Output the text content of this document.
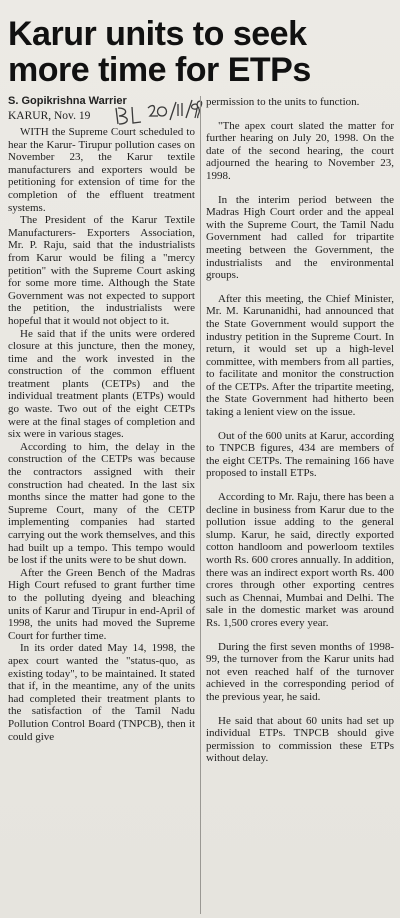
Karur units to seek more time for ETPs
S. Gopikrishna Warrier
KARUR, Nov. 19

WITH the Supreme Court scheduled to hear the Karur- Tirupur pollution cases on November 23, the Karur textile manufacturers and exporters would be petitioning for extension of time for the completion of the effluent treatment systems.

The President of the Karur Textile Manufacturers- Exporters Association, Mr. P. Raju, said that the industrialists from Karur would be filing a "mercy petition" with the Supreme Court asking for some more time. Although the State Government was not expected to support the petition, the industrialists were hopeful that it would not object to it.

He said that if the units were ordered closure at this juncture, then the money, time and the work invested in the construction of the common effluent treatment plants (CETPs) and the individual treatment plants (ETPs) would go waste. Two out of the eight CETPs were at the final stages of completion and six were in various stages.

According to him, the delay in the construction of the CETPs was because the contractors assigned with their construction had cheated. In the last six months since the matter had gone to the Supreme Court, many of the CETP implementing companies had started carrying out the work themselves, and this had built up a tempo. This tempo would be lost if the units were to be shut down.

After the Green Bench of the Madras High Court refused to grant further time to the polluting dyeing and bleaching units of Karur and Tirupur in end-April of 1998, the units had moved the Supreme Court for further time.

In its order dated May 14, 1998, the apex court wanted the "status-quo, as existing today", to be maintained. It stated that if, in the meantime, any of the units had completed their treatment plants to the satisfaction of the Tamil Nadu Pollution Control Board (TNPCB), then it could give

permission to the units to function.

"The apex court slated the matter for further hearing on July 20, 1998. On the date of the second hearing, the court adjourned the hearing to November 23, 1998.

In the interim period between the Madras High Court order and the appeal with the Supreme Court, the Tamil Nadu Government had called for tripartite meeting between the Government, the industrialists and the environmental groups.

After this meeting, the Chief Minister, Mr. M. Karunanidhi, had announced that the State Government would support the industry petition in the Supreme Court. In return, it would set up a high-level committee, with members from all parties, to facilitate and monitor the construction of the CETPs. After the tripartite meeting, the State Government had hitherto been taking a lenient view on the issue.

Out of the 600 units at Karur, according to TNPCB figures, 434 are members of the eight CETPs. The remaining 166 have proposed to install ETPs.

According to Mr. Raju, there has been a decline in business from Karur due to the pollution issue adding to the general slump. Karur, he said, directly exported cotton handloom and powerloom textiles worth Rs. 600 crores annually. In addition, there was an indirect export worth Rs. 400 crores through other exporting centres such as Chennai, Mumbai and Delhi. The sale in the domestic market was around Rs. 1,500 crores every year.

During the first seven months of 1998-99, the turnover from the Karur units had not even reached half of the turnover achieved in the corresponding period of the previous year, he said.

He said that about 60 units had set up individual ETPs. TNPCB should give permission to commission these ETPs without delay.
